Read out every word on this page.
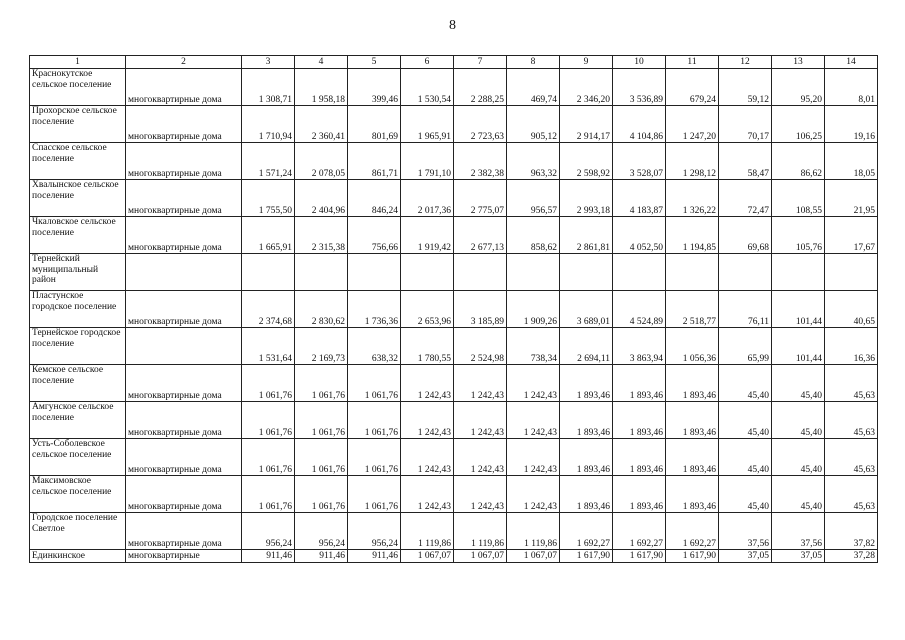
8
1	2	3	4	5	6	7	8	9	10	11	12	13	14
Краснокутское сельское поселение	многоквартирные дома	1 308,71	1 958,18	399,46	1 530,54	2 288,25	469,74	2 346,20	3 536,89	679,24	59,12	95,20	8,01
Прохорское сельское поселение	многоквартирные дома	1 710,94	2 360,41	801,69	1 965,91	2 723,63	905,12	2 914,17	4 104,86	1 247,20	70,17	106,25	19,16
Спасское сельское поселение	многоквартирные дома	1 571,24	2 078,05	861,71	1 791,10	2 382,38	963,32	2 598,92	3 528,07	1 298,12	58,47	86,62	18,05
Хвалынское сельское поселение	многоквартирные дома	1 755,50	2 404,96	846,24	2 017,36	2 775,07	956,57	2 993,18	4 183,87	1 326,22	72,47	108,55	21,95
Чкаловское сельское поселение	многоквартирные дома	1 665,91	2 315,38	756,66	1 919,42	2 677,13	858,62	2 861,81	4 052,50	1 194,85	69,68	105,76	17,67
Тернейский муниципальный район													
Пластунское городское поселение	многоквартирные дома	2 374,68	2 830,62	1 736,36	2 653,96	3 185,89	1 909,26	3 689,01	4 524,89	2 518,77	76,11	101,44	40,65
Тернейское городское поселение		1 531,64	2 169,73	638,32	1 780,55	2 524,98	738,34	2 694,11	3 863,94	1 056,36	65,99	101,44	16,36
Кемское сельское поселение	многоквартирные дома	1 061,76	1 061,76	1 061,76	1 242,43	1 242,43	1 242,43	1 893,46	1 893,46	1 893,46	45,40	45,40	45,63
Амгунское сельское поселение	многоквартирные дома	1 061,76	1 061,76	1 061,76	1 242,43	1 242,43	1 242,43	1 893,46	1 893,46	1 893,46	45,40	45,40	45,63
Усть-Соболевское сельское поселение	многоквартирные дома	1 061,76	1 061,76	1 061,76	1 242,43	1 242,43	1 242,43	1 893,46	1 893,46	1 893,46	45,40	45,40	45,63
Максимовское сельское поселение	многоквартирные дома	1 061,76	1 061,76	1 061,76	1 242,43	1 242,43	1 242,43	1 893,46	1 893,46	1 893,46	45,40	45,40	45,63
Городское поселение Светлое	многоквартирные дома	956,24	956,24	956,24	1 119,86	1 119,86	1 119,86	1 692,27	1 692,27	1 692,27	37,56	37,56	37,82
Единкинское	многоквартирные	911,46	911,46	911,46	1 067,07	1 067,07	1 067,07	1 617,90	1 617,90	1 617,90	37,05	37,05	37,28
